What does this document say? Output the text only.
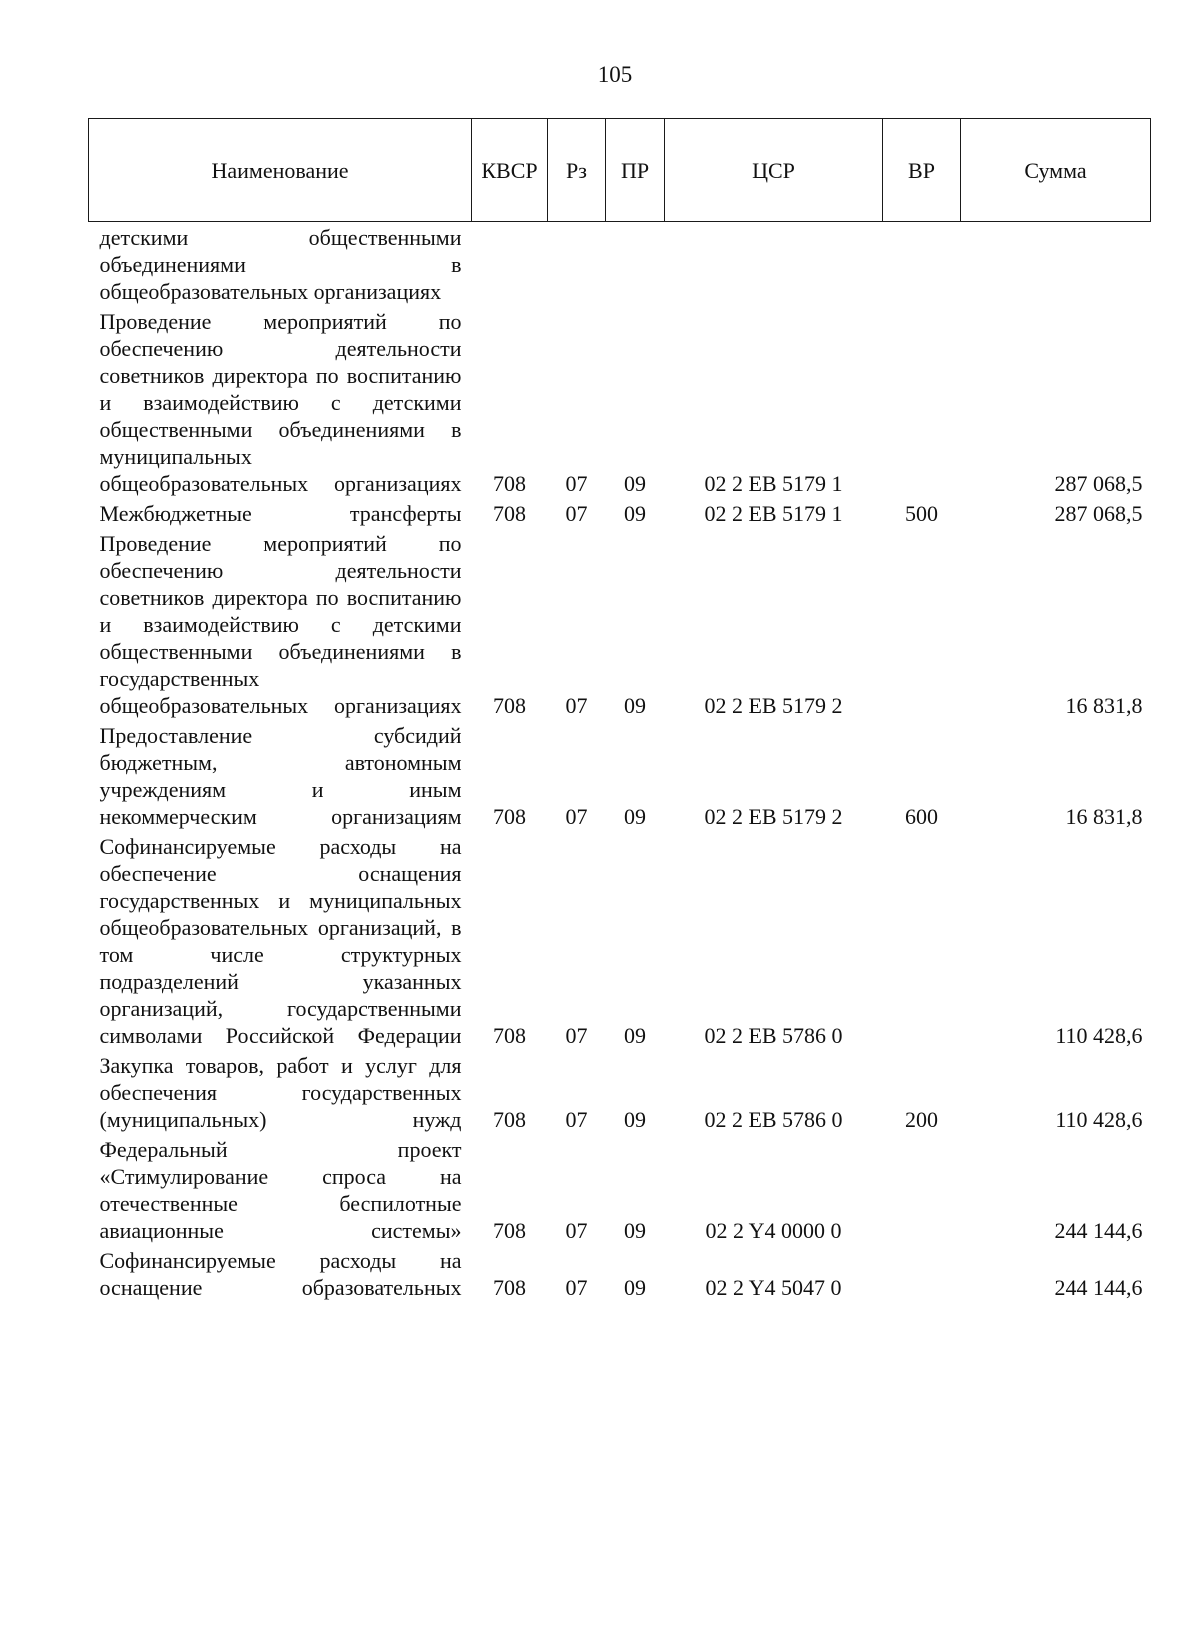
105
Наименование	КВСР	Рз	ПР	ЦСР	ВР	Сумма
детскими общественными объединениями в общеобразовательных организациях						
Проведение мероприятий по обеспечению деятельности советников директора по воспитанию и взаимодействию с детскими общественными объединениями в муниципальных общеобразовательных организациях	708	07	09	02 2 ЕВ 5179 1		287 068,5
Межбюджетные трансферты	708	07	09	02 2 ЕВ 5179 1	500	287 068,5
Проведение мероприятий по обеспечению деятельности советников директора по воспитанию и взаимодействию с детскими общественными объединениями в государственных общеобразовательных организациях	708	07	09	02 2 ЕВ 5179 2		16 831,8
Предоставление субсидий бюджетным, автономным учреждениям и иным некоммерческим организациям	708	07	09	02 2 ЕВ 5179 2	600	16 831,8
Софинансируемые расходы на обеспечение оснащения государственных и муниципальных общеобразовательных организаций, в том числе структурных подразделений указанных организаций, государственными символами Российской Федерации	708	07	09	02 2 ЕВ 5786 0		110 428,6
Закупка товаров, работ и услуг для обеспечения государственных (муниципальных) нужд	708	07	09	02 2 ЕВ 5786 0	200	110 428,6
Федеральный проект «Стимулирование спроса на отечественные беспилотные авиационные системы»	708	07	09	02 2 Y4 0000 0		244 144,6
Софинансируемые расходы на оснащение образовательных	708	07	09	02 2 Y4 5047 0		244 144,6
